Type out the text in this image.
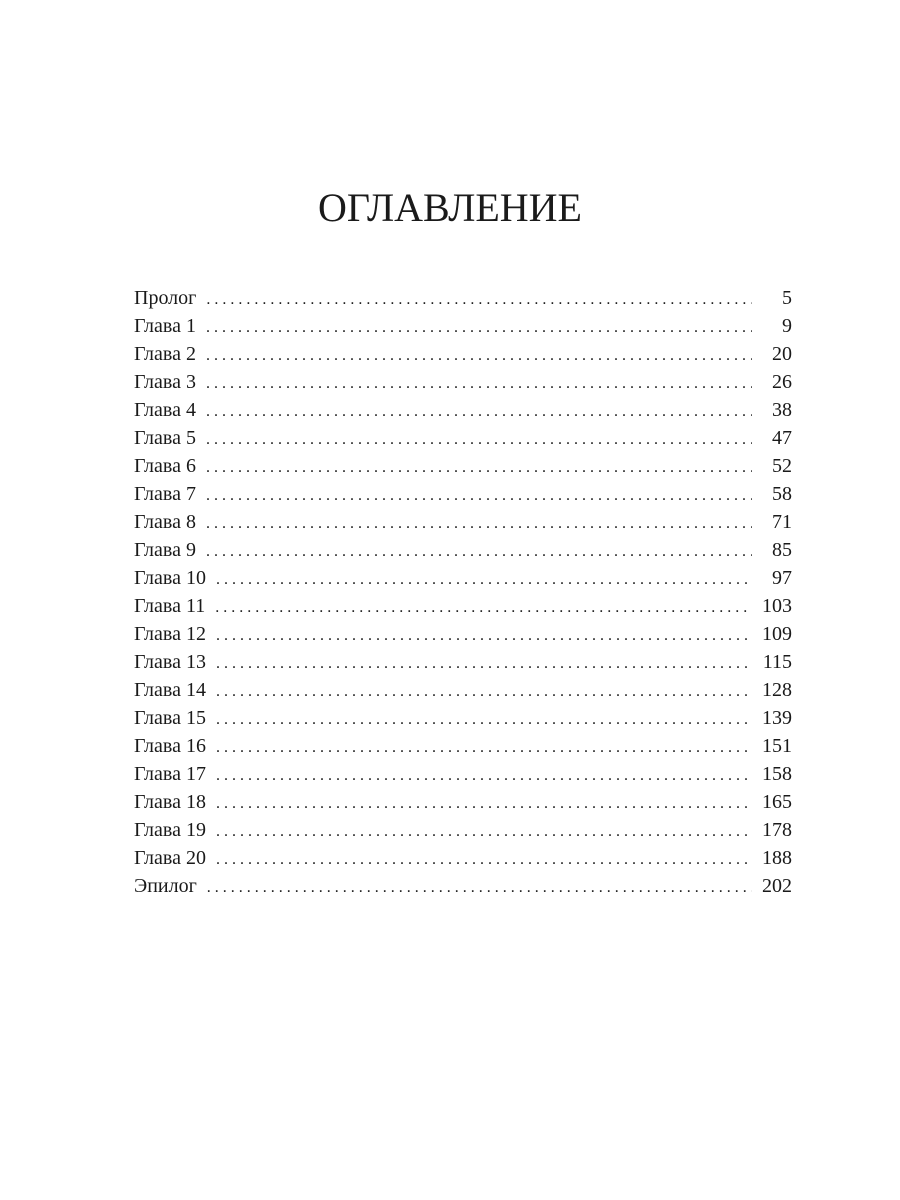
ОГЛАВЛЕНИЕ
Пролог . . .	5
Глава 1 . . .	9
Глава 2 . . .	20
Глава 3 . . .	26
Глава 4 . . .	38
Глава 5 . . .	47
Глава 6 . . .	52
Глава 7 . . .	58
Глава 8 . . .	71
Глава 9 . . .	85
Глава 10 . . .	97
Глава 11 . . .	103
Глава 12 . . .	109
Глава 13 . . .	115
Глава 14 . . .	128
Глава 15 . . .	139
Глава 16 . . .	151
Глава 17 . . .	158
Глава 18 . . .	165
Глава 19 . . .	178
Глава 20 . . .	188
Эпилог . . .	202
